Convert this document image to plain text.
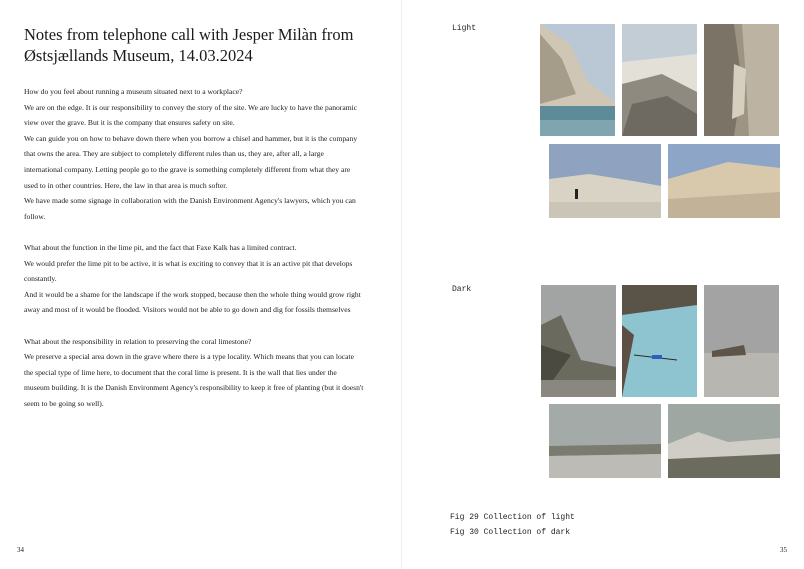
Notes from telephone call with Jesper Milàn from Østsjællands Museum, 14.03.2024

How do you feel about running a museum situated next to a workplace?

We are on the edge. It is our responsibility to convey the story of the site. We are lucky to have the panoramic view over the grave. But it is the company that ensures safety on site.

We can guide you on how to behave down there when you borrow a chisel and hammer, but it is the company that owns the area. They are subject to completely different rules than us, they are, after all, a large international company. Letting people go to the grave is something completely different from what they are used to in other countries. Here, the law in that area is much softer.

We have made some signage in collaboration with the Danish Environment Agency's lawyers, which you can follow.

What about the function in the lime pit, and the fact that Faxe Kalk has a limited contract.

We would prefer the lime pit to be active, it is what is exciting to convey that it is an active pit that develops constantly.

And it would be a shame for the landscape if the work stopped, because then the whole thing would grow right away and most of it would be flooded. Visitors would not be able to go down and dig for fossils themselves

What about the responsibility in relation to preserving the coral limestone?

We preserve a special area down in the grave where there is a type locality. Which means that you can locate the special type of lime here, to document that the coral lime is present. It is the wall that lies under the museum building. It is the Danish Environment Agency's responsibility to keep it free of planting (but it doesn't seem to be going so well).

34
Light
Dark
Fig 29 Collection of light
Fig 30 Collection of dark
35
